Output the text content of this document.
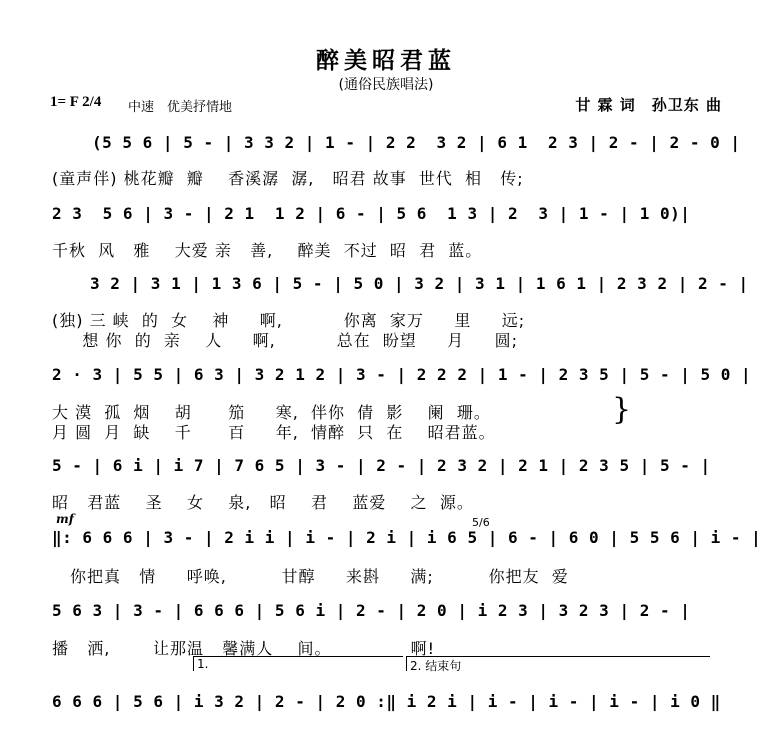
醉美昭君蓝
(通俗民族唱法)
1= F 2/4 中速　优美抒情地	甘 霖 词　孙卫东 曲
(5 5 6 | 5 - | 3 3 2 | 1 - | 2 2  3 2 | 6 1  2 3 | 2 - | 2 - 0 |
(童声伴) 桃花瓣  瓣    香溪潺  潺,   昭君 故事  世代  相   传;
2 3  5 6 | 3 - | 2 1  1 2 | 6 - | 5 6  1 3 | 2  3 | 1 - | 1 0)|
千秋  风   雅    大爱 亲   善,    醉美  不过  昭  君  蓝。
3 2 | 3 1 | 1 3 6 | 5 - | 5 0 | 3 2 | 3 1 | 1 6 1 | 2 3 2 | 2 - |
(独) 三 峡  的  女    神     啊,          你离  家万     里     远;
想 你  的  亲    人     啊,          总在  盼望     月     圆;
2 · 3 | 5 5 | 6 3 | 3 2 1 2 | 3 - | 2 2 2 | 1 - | 2 3 5 | 5 - | 5 0 |
大 漠  孤  烟    胡      笳     寒,  伴你  倩  影    阑  珊。
月 圆  月  缺    千      百     年,  情醉  只  在    昭君蓝。
}
5 - | 6 i | i 7 | 7 6 5 | 3 - | 2 - | 2 3 2 | 2 1 | 2 3 5 | 5 - |
昭   君蓝    圣    女    泉,   昭    君    蓝爱    之  源。
mf	5/6
‖: 6 6 6 | 3 - | 2 i i | i - | 2 i | i 6 5 | 6 - | 6 0 | 5 5 6 | i - |
你把真   情     呼唤,         甘醇     来斟     满;         你把友  爱
5 6 3 | 3 - | 6 6 6 | 5 6 i | 2 - | 2 0 | i 2 3 | 3 2 3 | 2 - |
播   洒,       让那温   馨满人    间。             啊!
1.	2. 结束句
6 6 6 | 5 6 | i 3 2 | 2 - | 2 0 :‖ i 2 i | i - | i - | i - | i 0 ‖
